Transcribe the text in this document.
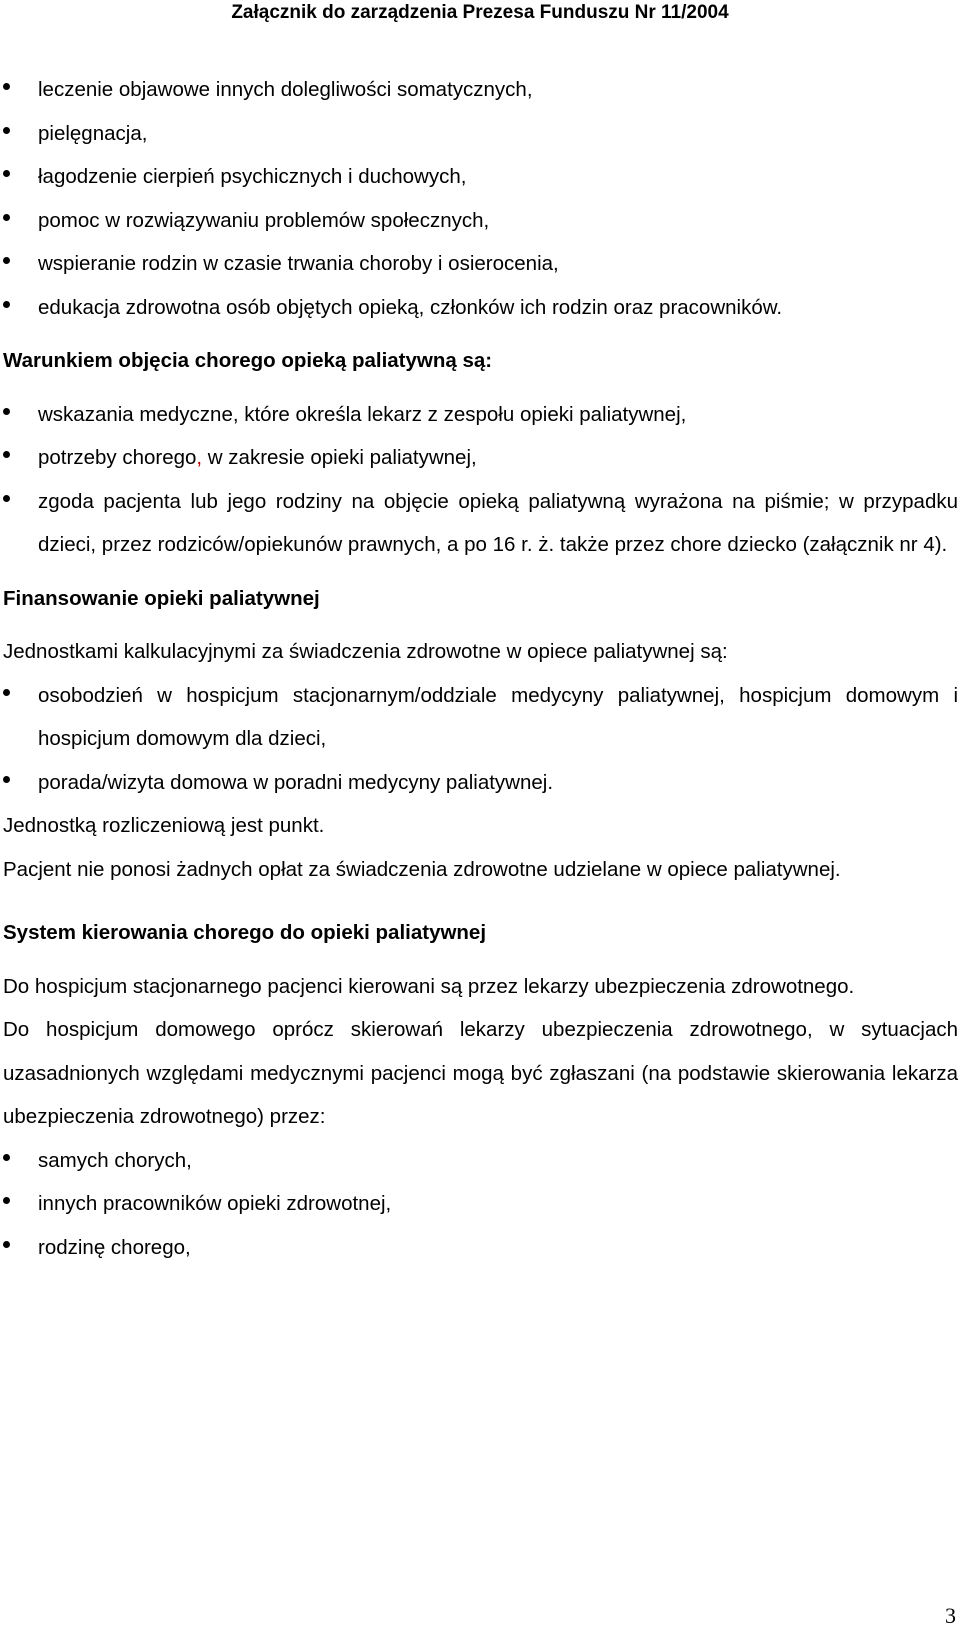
Załącznik do zarządzenia Prezesa Funduszu Nr 11/2004
leczenie objawowe innych dolegliwości somatycznych,
pielęgnacja,
łagodzenie cierpień psychicznych i duchowych,
pomoc w rozwiązywaniu problemów społecznych,
wspieranie rodzin w czasie trwania choroby i osierocenia,
edukacja zdrowotna osób objętych opieką, członków ich rodzin oraz pracowników.

Warunkiem objęcia chorego opieką paliatywną są:

wskazania medyczne, które określa lekarz z zespołu opieki paliatywnej,
potrzeby chorego, w zakresie opieki paliatywnej,
zgoda pacjenta lub jego rodziny na objęcie opieką paliatywną wyrażona na piśmie; w przypadku dzieci, przez rodziców/opiekunów prawnych, a po 16 r. ż. także przez chore dziecko (załącznik nr 4).

Finansowanie opieki paliatywnej

Jednostkami kalkulacyjnymi za świadczenia zdrowotne w opiece paliatywnej są:

osobodzień w hospicjum stacjonarnym/oddziale medycyny paliatywnej, hospicjum domowym i hospicjum domowym dla dzieci,
porada/wizyta domowa w poradni medycyny paliatywnej.

Jednostką rozliczeniową jest punkt.

Pacjent nie ponosi żadnych opłat za świadczenia zdrowotne udzielane w opiece paliatywnej.

System kierowania chorego do opieki paliatywnej

Do hospicjum stacjonarnego pacjenci kierowani są przez lekarzy ubezpieczenia zdrowotnego.

Do hospicjum domowego oprócz skierowań lekarzy ubezpieczenia zdrowotnego, w sytuacjach uzasadnionych względami medycznymi pacjenci mogą być zgłaszani (na podstawie skierowania lekarza ubezpieczenia zdrowotnego) przez:

samych chorych,
innych pracowników opieki zdrowotnej,
rodzinę chorego,
3
